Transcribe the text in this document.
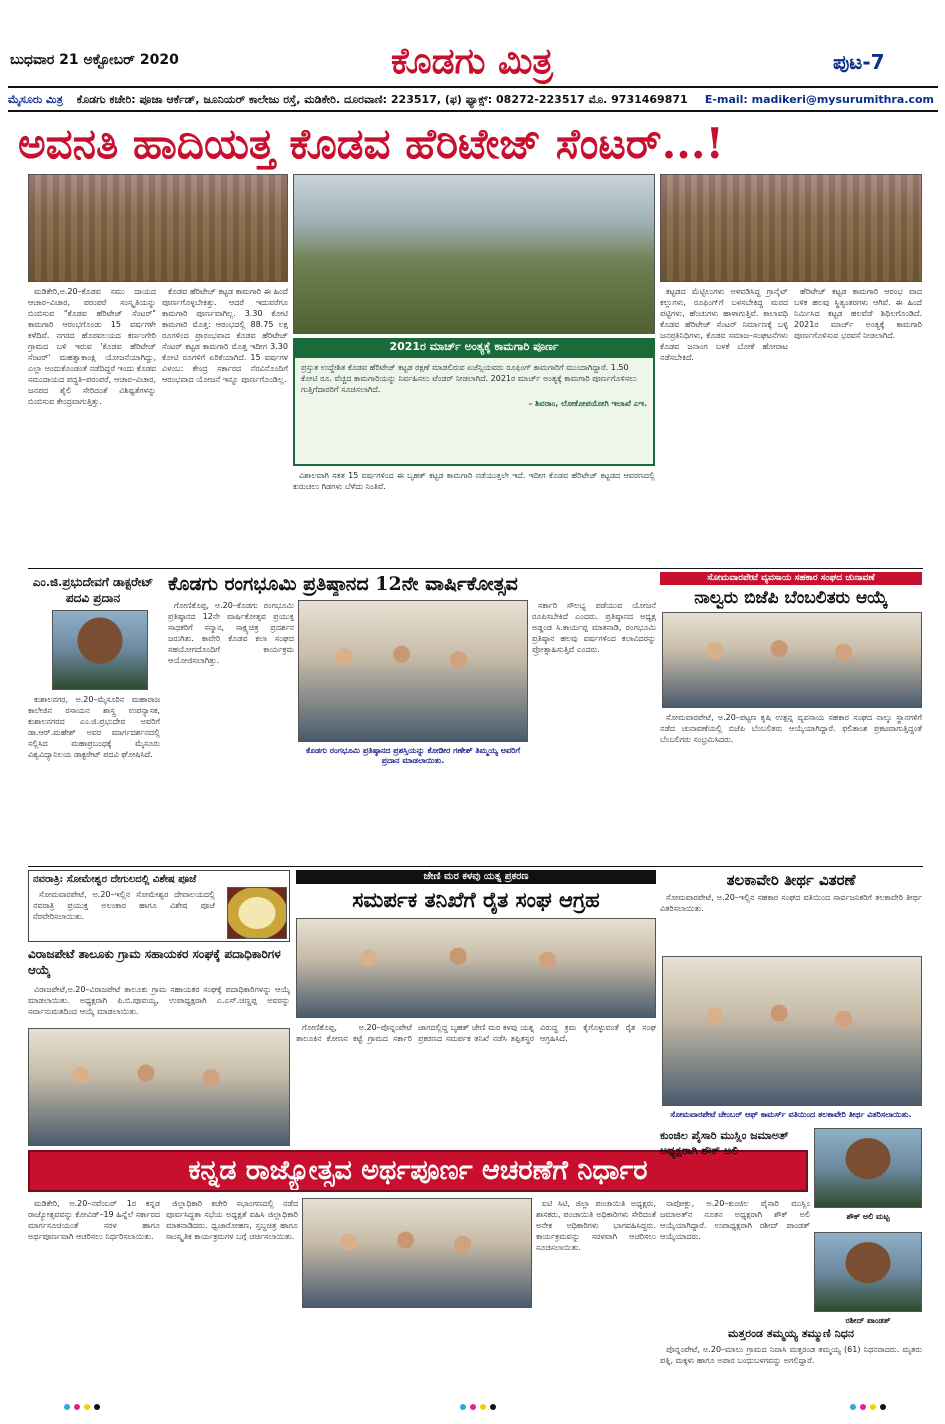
ಬುಧವಾರ 21 ಅಕ್ಟೋಬರ್ 2020	ಕೊಡಗು ಮಿತ್ರ	ಪುಟ-7
ಮೈಸೂರು ಮಿತ್ರ ಕೊಡಗು ಕಚೇರಿ: ಪೂಜಾ ಆರ್ಕೆಡ್, ಜೂನಿಯರ್ ಕಾಲೇಜು ರಸ್ತೆ, ಮಡಿಕೇರಿ. ದೂರವಾಣಿ: 223517, (ಫ) ಫ್ಯಾಕ್ಸ್: 08272-223517 ಮೊ. 9731469871 E-mail: madikeri@mysurumithra.com
ಅವನತಿ ಹಾದಿಯತ್ತ ಕೊಡವ ಹೆರಿಟೇಜ್ ಸೆಂಟರ್...!

ಮಡಿಕೇರಿ,ಅ.20–ಕೊಡವ ಸಮು ದಾಯದ ಆಚಾರ–ವಿಚಾರ, ಪರಂಪರೆ ಸಂಸ್ಕೃತಿಯನ್ನು ಬಿಂಬಿಸುವ "ಕೊಡವ ಹೆರಿಟೇಜ್ ಸೆಂಟರ್" ಕಾಮಗಾರಿ ಆರಂಭಗೊಂಡು 15 ವರ್ಷಗಳೇ ಕಳೆದಿವೆ. ನಗರದ ಹೊರವಲಯದ ಕರ್ಣಂಗೇರಿ ಗ್ರಾಮದ ಬಳಿ ಇರುವ 'ಕೊಡವ ಹೆರಿಟೇಜ್ ಸೆಂಟರ್' ಮಹತ್ವಾಕಾಂಕ್ಷಿ ಯೋಜನೆಯಾಗಿದ್ದು, ಎಲ್ಲಾ ಅಂದುಕೊಂಡಂತೆ ನಡೆದಿದ್ದರೆ ಇಂದು ಕೊಡವ ಸಮುದಾಯದ ಪದ್ಧತಿ–ಪರಂಪರೆ, ಆಚಾರ–ವಿಚಾರ, ಜನಪದ ಶೈಲಿ ಸೇರಿದಂತೆ ವಿಶಿಷ್ಟತೆಗಳನ್ನು ಬಿಂಬಿಸುವ ಕೇಂದ್ರವಾಗುತ್ತಿತ್ತು.

ಕೊಡವ ಹೆರಿಟೇಜ್ ಕಟ್ಟಡ ಕಾಮಗಾರಿ ಈ ಹಿಂದೆ ಪೂರ್ಣಗೊಳ್ಳಬೇಕಿತ್ತು. ಆದರೆ ಇದುವರೆಗೂ ಕಾಮಗಾರಿ ಪೂರ್ಣವಾಗಿಲ್ಲ. 3.30 ಕೋಟಿ ಕಾಮಗಾರಿ ಮೊತ್ತ: ಆರಂಭದಲ್ಲಿ 88.75 ಲಕ್ಷ ರೂಗಳಿಂದ ಪ್ರಾರಂಭವಾದ ಕೊಡವ ಹೆರಿಟೇಜ್ ಸೆಂಟರ್ ಕಟ್ಟಡ ಕಾಮಗಾರಿ ಮೊತ್ತ ಇದೀಗ 3.30 ಕೋಟಿ ರೂಗಳಿಗೆ ಏರಿಕೆಯಾಗಿದೆ. 15 ವರ್ಷಗಳ ವಿಳಂಬ: ಕೇಂದ್ರ ಸರ್ಕಾರದ ನೆರವಿನೊಂದಿಗೆ ಆರಂಭವಾದ ಯೋಜನೆ ಇನ್ನೂ ಪೂರ್ಣಗೊಂಡಿಲ್ಲ.

2021ರ ಮಾರ್ಚ್ ಅಂತ್ಯಕ್ಕೆ ಕಾಮಗಾರಿ ಪೂರ್ಣ

ಪ್ರಸ್ತುತ ಉದ್ದೇಶಿತ ಕೊಡವ ಹೆರಿಟೇಜ್ ಕಟ್ಟಡ ರಕ್ಷಣೆ ಮಾಡಲಿರುವ ಏಜೆನ್ಸಿಯವರು ರೂಫಿಂಗ್ ಕಾಮಗಾರಿಗೆ ಮುಂದಾಗಿದ್ದಾರೆ. 1.50 ಕೋಟಿ ರೂ. ವೆಚ್ಚದ ಕಾಮಗಾರಿಯನ್ನು ನಿರ್ವಹಿಸಲು ಟೆಂಡರ್ ನೀಡಲಾಗಿದೆ. 2021ರ ಮಾರ್ಚ್ ಅಂತ್ಯಕ್ಕೆ ಕಾಮಗಾರಿ ಪೂರ್ಣಗೊಳಿಸಲು ಗುತ್ತಿಗೆದಾರರಿಗೆ ಸೂಚಿಸಲಾಗಿದೆ.

– ಶಿವರಾಂ, ಲೋಕೋಪಯೋಗಿ ಇಲಾಖೆ ಎಇ.

ವಿಶಾಲವಾಗಿ ಸತತ 15 ವರ್ಷಗಳಿಂದ ಈ ಬೃಹತ್ ಕಟ್ಟಡ ಕಾಮಗಾರಿ ನಡೆಯುತ್ತಲೇ ಇದೆ. ಇದೀಗ ಕೊಡವ ಹೆರಿಟೇಜ್ ಕಟ್ಟಡದ ಆವರಣದಲ್ಲಿ ಕುರುಚಲು ಗಿಡಗಳು ಬೆಳೆದು ನಿಂತಿವೆ.

ಕಟ್ಟಡದ ಮೆಟ್ಟಿಲುಗಳು ಅಳವಡಿಸಿದ್ದ ಗ್ರಾನೈಟ್ ಕಲ್ಲುಗಳು, ರೂಫಿಂಗ್‌ಗೆ ಬಳಸಬೇಕಿದ್ದ ಮರದ ಪಟ್ಟಿಗಳು, ಹೆಂಚುಗಳು ಹಾಳಾಗುತ್ತಿವೆ. ಕಾಲಾವಧಿ ಕೊಡವ ಹೆರಿಟೇಜ್ ಸೆಂಟರ್ ನಿರ್ಮಾಣಕ್ಕೆ ಬಳ್ಳಿ ಜನಪ್ರತಿನಿಧಿಗಳು, ಕೊಡವ ಸಮಾಜ–ಸಂಘಟನೆಗಳು ಕೊಡವ ಜನಾಂಗ ಬಳಕೆ ಬೋಕೆ ಹೋರಾಟ ನಡೆಸಬೇಕಿದೆ.

ಹೆರಿಟೇಜ್ ಕಟ್ಟಡ ಕಾಮಗಾರಿ ಆರಂಭ ವಾದ ಬಳಿಕ ಹಲವು ಸ್ಥಿತ್ಯಂತರಗಳು ಆಗಿವೆ. ಈ ಹಿಂದೆ ನಿರ್ಮಿಸಿದ ಕಟ್ಟಡ ಹಲವೆಡೆ ಶಿಥಿಲಗೊಂಡಿದೆ. 2021ರ ಮಾರ್ಚ್ ಅಂತ್ಯಕ್ಕೆ ಕಾಮಗಾರಿ ಪೂರ್ಣಗೊಳಿಸುವ ಭರವಸೆ ನೀಡಲಾಗಿದೆ.

ಎಂ.ಜಿ.ಪ್ರಭುದೇವಗೆ ಡಾಕ್ಟರೇಟ್ ಪದವಿ ಪ್ರದಾನ

ಕುಶಾಲನಗರ, ಅ.20–ಮೈಸೂರಿನ ಮಹಾರಾಜ ಕಾಲೇಜಿನ ರಸಾಯನ ಶಾಸ್ತ್ರ ಉಪನ್ಯಾಸಕ, ಕುಶಾಲನಗರದ ಎಂ.ಜಿ.ಪ್ರಭುದೇವ ಅವರಿಗೆ ಡಾ.ಆರ್.ಮಹೇಶ್ ಅವರ ಮಾರ್ಗದರ್ಶನದಲ್ಲಿ ಸಲ್ಲಿಸಿದ ಮಹಾಪ್ರಬಂಧಕ್ಕೆ ಮೈಸೂರು ವಿಶ್ವವಿದ್ಯಾನಿಲಯ ಡಾಕ್ಟರೇಟ್ ಪದವಿ ಘೋಷಿಸಿದೆ.

ಕೊಡಗು ರಂಗಭೂಮಿ ಪ್ರತಿಷ್ಠಾನದ 12ನೇ ವಾರ್ಷಿಕೋತ್ಸವ

ಗೋಣಿಕೊಪ್ಪ, ಅ.20–ಕೊಡಗು ರಂಗಭೂಮಿ ಪ್ರತಿಷ್ಠಾನದ 12ನೇ ವಾರ್ಷಿಕೋತ್ಸವ ಪ್ರಯುಕ್ತ ಸಾಧಕರಿಗೆ ಸನ್ಮಾನ, ಸಾಕ್ಷ್ಯಚಿತ್ರ ಪ್ರದರ್ಶನ ಜರುಗಿತು. ಕಾವೇರಿ ಕೊಡವ ಕಲಾ ಸಂಘದ ಸಹಯೋಗದೊಂದಿಗೆ ಕಾರ್ಯಕ್ರಮ ಆಯೋಜಿಸಲಾಗಿತ್ತು.

ಕೊಡಗು ರಂಗಭೂಮಿ ಪ್ರತಿಷ್ಠಾನದ ಪ್ರಶಸ್ತಿಯನ್ನು ಕೋಡೀರ ಗಣೇಶ್ ತಿಮ್ಮಯ್ಯ ಅವರಿಗೆ ಪ್ರದಾನ ಮಾಡಲಾಯಿತು.

ಸರ್ಕಾರಿ ಸೌಲಭ್ಯ ಪಡೆಯುವ ಯೋಜನೆ ರೂಪಿಸಬೇಕಿದೆ ಎಂದರು. ಪ್ರತಿಷ್ಠಾನದ ಅಧ್ಯಕ್ಷ ಅಡ್ಡಂಡ ಸಿ.ಕಾರ್ಯಪ್ಪ ಮಾತನಾಡಿ, ರಂಗಭೂಮಿ ಪ್ರತಿಷ್ಠಾನ ಹಲವು ವರ್ಷಗಳಿಂದ ಕಲಾವಿದರನ್ನು ಪ್ರೋತ್ಸಾಹಿಸುತ್ತಿದೆ ಎಂದರು.

ಸೋಮವಾರಪೇಟೆ ವ್ಯವಸಾಯ ಸಹಕಾರ ಸಂಘದ ಚುನಾವಣೆ
ನಾಲ್ವರು ಬಿಜೆಪಿ ಬೆಂಬಲಿತರು ಆಯ್ಕೆ

ಸೋಮವಾರಪೇಟೆ, ಅ.20–ಪಟ್ಟಣ ಕೃಷಿ ಉತ್ಪನ್ನ ವ್ಯವಸಾಯ ಸಹಕಾರ ಸಂಘದ ನಾಲ್ಕು ಸ್ಥಾನಗಳಿಗೆ ನಡೆದ ಚುನಾವಣೆಯಲ್ಲಿ ಬಿಜೆಪಿ ಬೆಂಬಲಿತರು ಆಯ್ಕೆಯಾಗಿದ್ದಾರೆ. ಫಲಿತಾಂಶ ಪ್ರಕಟವಾಗುತ್ತಿದ್ದಂತೆ ಬೆಂಬಲಿಗರು ಸಂಭ್ರಮಿಸಿದರು.

ನವರಾತ್ರಿ: ಸೋಮೇಶ್ವರ ದೇಗುಲದಲ್ಲಿ ವಿಶೇಷ ಪೂಜೆ

ಸೋಮವಾರಪೇಟೆ, ಅ.20–ಇಲ್ಲಿನ ಸೋಮೇಶ್ವರ ದೇವಾಲಯದಲ್ಲಿ ನವರಾತ್ರಿ ಪ್ರಯುಕ್ತ ಅಲಂಕಾರ ಹಾಗೂ ವಿಶೇಷ ಪೂಜೆ ನೆರವೇರಿಸಲಾಯಿತು.

ವಿರಾಜಪೇಟೆ ತಾಲೂಕು ಗ್ರಾಮ ಸಹಾಯಕರ ಸಂಘಕ್ಕೆ ಪದಾಧಿಕಾರಿಗಳ ಆಯ್ಕೆ

ವಿರಾಜಪೇಟೆ,ಅ.20–ವಿರಾಜಪೇಟೆ ತಾಲೂಕು ಗ್ರಾಮ ಸಹಾಯಕರ ಸಂಘಕ್ಕೆ ಪದಾಧಿಕಾರಿಗಳನ್ನು ಆಯ್ಕೆ ಮಾಡಲಾಯಿತು. ಅಧ್ಯಕ್ಷರಾಗಿ ಪಿ.ಬಿ.ಪೂವಯ್ಯ, ಉಪಾಧ್ಯಕ್ಷರಾಗಿ ಎ.ಎಸ್.ಚಿಣ್ಣಪ್ಪ ಅವರನ್ನು ಸರ್ವಾನುಮತದಿಂದ ಆಯ್ಕೆ ಮಾಡಲಾಯಿತು.

ಜೇಣಿ ಮರ ಕಳವು ಯತ್ನ ಪ್ರಕರಣ
ಸಮರ್ಪಕ ತನಿಖೆಗೆ ರೈತ ಸಂಘ ಆಗ್ರಹ

ಗೋಣಿಕೊಪ್ಪ, ಅ.20–ಪೊನ್ನಂಪೇಟೆ ತಾಲೂಕಿನ ಕೋಣನ ಕಟ್ಟೆ ಗ್ರಾಮದ ಸರ್ಕಾರಿ ಜಾಗದಲ್ಲಿದ್ದ ಬೃಹತ್ ಜೇಣಿ ಮರ ಕಳವು ಯತ್ನ ಪ್ರಕರಣದ ಸಮರ್ಪಕ ತನಿಖೆ ನಡೆಸಿ ತಪ್ಪಿತಸ್ಥರ ವಿರುದ್ಧ ಕ್ರಮ ಕೈಗೊಳ್ಳುವಂತೆ ರೈತ ಸಂಘ ಆಗ್ರಹಿಸಿದೆ.

ತಲಕಾವೇರಿ ತೀರ್ಥ ವಿತರಣೆ

ಸೋಮವಾರಪೇಟೆ, ಅ.20–ಇಲ್ಲಿನ ಸಹಕಾರ ಸಂಘದ ವತಿಯಿಂದ ಸಾರ್ವಜನಿಕರಿಗೆ ತಲಕಾವೇರಿ ತೀರ್ಥ ವಿತರಿಸಲಾಯಿತು.

ಸೋಮವಾರಪೇಟೆ ಚೇಂಬರ್ ಆಫ್ ಕಾಮರ್ಸ್ ವತಿಯಿಂದ ತಲಕಾವೇರಿ ತೀರ್ಥ ವಿತರಿಸಲಾಯಿತು.
ಕನ್ನಡ ರಾಜ್ಯೋತ್ಸವ ಅರ್ಥಪೂರ್ಣ ಆಚರಣೆಗೆ ನಿರ್ಧಾರ

ಮಡಿಕೇರಿ, ಅ.20–ನವೆಂಬರ್ 1ರ ಕನ್ನಡ ರಾಜ್ಯೋತ್ಸವವನ್ನು ಕೋವಿಡ್–19 ಹಿನ್ನೆಲೆ ಸರ್ಕಾರದ ಮಾರ್ಗಸೂಚಿಯಂತೆ ಸರಳ ಹಾಗೂ ಅರ್ಥಪೂರ್ಣವಾಗಿ ಆಚರಿಸಲು ನಿರ್ಧರಿಸಲಾಯಿತು.

ಜಿಲ್ಲಾಧಿಕಾರಿ ಕಚೇರಿ ಸಭಾಂಗಣದಲ್ಲಿ ನಡೆದ ಪೂರ್ವಸಿದ್ಧತಾ ಸಭೆಯ ಅಧ್ಯಕ್ಷತೆ ವಹಿಸಿ ಜಿಲ್ಲಾಧಿಕಾರಿ ಮಾತನಾಡಿದರು. ಧ್ವಜಾರೋಹಣ, ಸ್ತಬ್ಧಚಿತ್ರ ಹಾಗೂ ಸಾಂಸ್ಕೃತಿಕ ಕಾರ್ಯಕ್ರಮಗಳ ಬಗ್ಗೆ ಚರ್ಚಿಸಲಾಯಿತು.

ಐಟಿ ಸಿಟಿ, ಜಿಲ್ಲಾ ಪಂಚಾಯಿತಿ ಅಧ್ಯಕ್ಷರು, ಶಾಸಕರು, ಪಂಚಾಯಿತಿ ಅಧಿಕಾರಿಗಳು ಸೇರಿದಂತೆ ಅನೇಕ ಅಧಿಕಾರಿಗಳು ಭಾಗವಹಿಸಿದ್ದರು. ಕಾರ್ಯಕ್ರಮವನ್ನು ಸರಳವಾಗಿ ಆಚರಿಸಲು ಸೂಚಿಸಲಾಯಿತು.

ಕುಂಜಿಲ ಪೈಸಾರಿ ಮುಸ್ಲಿಂ ಜಮಾಅತ್ ಅಧ್ಯಕ್ಷರಾಗಿ ಶೌಕ್ ಅಲಿ
ಶೌಕ್ ಅಲಿ ಮಟ್ಟ
ರಶೀದ್ ಪಾಂಡತ್

ನಾಪೋಕ್ಲು, ಅ.20–ಕುಂಜಿಲ ಪೈಸಾರಿ ಮುಸ್ಲಿಂ ಜಮಾಅತ್‌ನ ನೂತನ ಅಧ್ಯಕ್ಷರಾಗಿ ಶೌಕ್ ಅಲಿ ಆಯ್ಕೆಯಾಗಿದ್ದಾರೆ. ಉಪಾಧ್ಯಕ್ಷರಾಗಿ ರಶೀದ್ ಪಾಂಡತ್ ಆಯ್ಕೆಯಾದರು.

ಮತ್ತರಂಡ ತಮ್ಮಯ್ಯ ತಮ್ಮುಣಿ ನಿಧನ

ಪೊನ್ನಂಪೇಟೆ, ಅ.20–ಮಾಲು ಗ್ರಾಮದ ನಿವಾಸಿ ಮತ್ತರಂಡ ತಮ್ಮಯ್ಯ (61) ನಿಧನರಾದರು. ಮೃತರು ಪತ್ನಿ, ಮಕ್ಕಳು ಹಾಗೂ ಅಪಾರ ಬಂಧುಬಳಗವನ್ನು ಅಗಲಿದ್ದಾರೆ.
